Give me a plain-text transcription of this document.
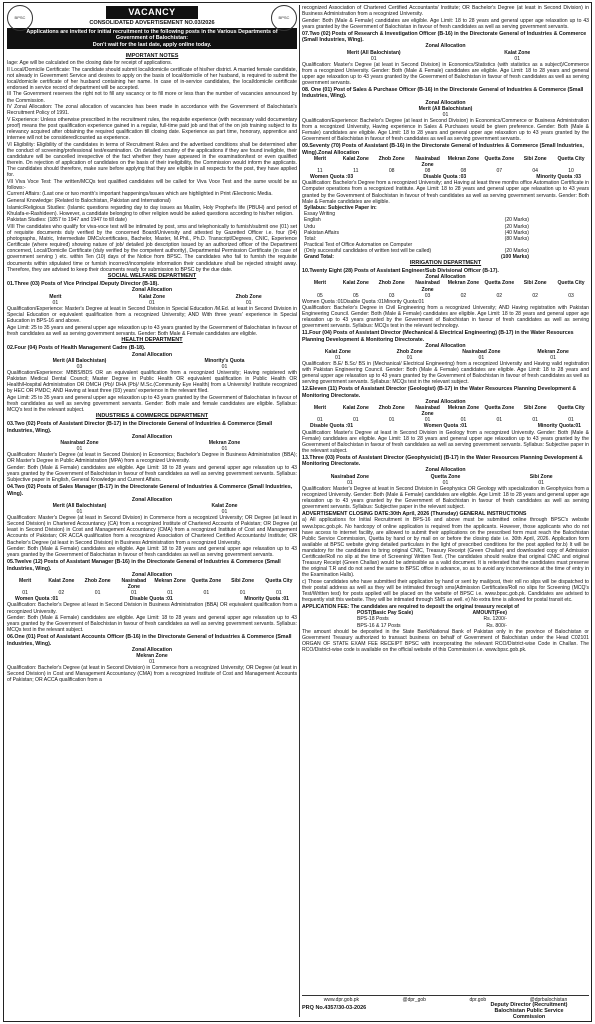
BPSC	BPSC
VACANCY
CONSOLIDATED ADVERTISEMENT NO.03/2026
Applications are invited for initial recruitment to the following posts in the Various Departments of Government of Balochistan:
Don't wait for the last date, apply online today.
IMPORTANT NOTES
Iage: Age will be calculated on the closing date for receipt of applications.
II Local/Domicile Certificate: The candidate should submit local/domicile certificate of his/her district. A married female candidate, not already in Government Service and desires to apply on the basis of local/domicile of her husband, is required to submit the local/domicile certificate of her husband containing her name. In case of in-service candidates, the local/domicile certificate endorsed in service record of department will be accepted.
III The Government reserves the right not to fill any vacancy or to fill more or less than the number of vacancies announced by the Commission.
IV Zonal Allocation: The zonal allocation of vacancies has been made in accordance with the Government of Balochistan's Recruitment Policy of 1991.
V Experience: Unless otherwise prescribed in the recruitment rules, the requisite experience (with necessary valid documentary proof) means the post qualification experience gained in a regular, full-time paid job and that of the on job training subject to its relevancy acquired after obtaining the required qualification till closing date. Experience as part time, honorary, apprentice and internee will not be considered/counted as experience.
VI Eligibility: Eligibility of the candidates in terms of Recruitment Rules and the advertised conditions shall be determined after the conduct of screening/professional test/examination. On detailed scrutiny of the applications if they are found ineligible, their candidature will be cancelled irrespective of the fact whether they have appeared in the examination/test or even qualified therein. On rejection of application of candidates on the basis of their ineligibility, the Commission would inform the applicants. The candidates should therefore, make sure before applying that they are eligible in all respects for the post, they have applied for.
VII Viva Voce Test: The written/MCQs test qualified candidates will be called for Viva Voce Test and the same would be as follows:-
Current Affairs: (Last one or two month's important happenings/issues which are highlighted in Print /Electronic Media.
General Knowledge: (Related to Balochistan, Pakistan and International)
Islamic/Religious Studies: (Islamic questions regarding day to day issues as Muslim, Holy Prophet's life (PBUH) and period of Khulafa-e-Rashideen). However, a candidate belonging to other religion would be asked questions according to his/her religion.
Pakistan Studies: (1857 to 1947 and 1947 to till date)
VIII The candidates who qualify for viva-voce test will be intimated by post, sms and telephonically to furnish/submit one (01) set of requisite documents duly verified by the concerned Board/University and attested by Gazetted Officer i.e. four (04) photographs, Matric, Intermediate DMCs/certificates, Bachelor, Master, M.Phil., Ph.D. Transcript/Degrees, CNIC, Experience Certificate (where required) showing nature of job/ detailed job description issued by an authorized officer of the Department concerned, Local/Domicile Certificate (duly verified by the competent authority), Departmental Permission Certificate (in case of government serving ) etc. within Ten (10) days of the Notice from BPSC. The candidates who fail to furnish the requisite documents within stipulated time or furnish incorrect/incomplete information their candidature shall be rejected straight away. Therefore, they are advised to keep their documents ready for submission to BPSC by the due date.
SOCIAL WELFARE DEPARTMENT
01.Three (03) Posts of Vice Principal /Deputy Director (B-18).
Zonal Allocation
Merit	Kalat Zone	Zhob Zone
01	01	01
Qualification/Experience: Master's Degree at least in Second Division in Special Education /M.Ed. at least in Second Division in Special Education or equivalent qualification from a recognized University; AND With three years' experience in Special Education in BPS-16 and above.
Age Limit: 25 to 35 years and general upper age relaxation up to 43 years granted by the Government of Balochistan in favour of fresh candidates as well as serving government servants. Gender: Both Male & Female candidates are eligible.
HEALTH DEPARTMENT
02.Four (04) Posts of Health Management Cadre (B-18).
Zonal Allocation
Merit (All Balochistan)	Minority's Quota
03	01
Qualification/Experience: MBBS/BDS OR an equivalent qualification from a recognized University; Having registered with Pakistan Medical Dental Council; Master Degree in Public Health OR equivalent qualification in Public Health OR Health/Hospital Administration OR DMCH (Pb)/ DHA (Pb)/ M.Sc.(Community Eye Health) from a University/ Institute recognized by HEC OR PMDC; AND Having at least three (03) years' experience in the relevant filed.
Age Limit: 25 to 35 years and general upper age relaxation up to 43 years granted by the Government of Balochistan in favour of fresh candidates as well as serving government servants. Gender: Both male and female candidates are eligible. Syllabus: MCQ's test in the relevant subject.
INDUSTRIES & COMMERCE DEPARTMENT
03.Two (02) Posts of Assistant Director (B-17) in the Directorate General of Industries & Commerce (Small Industries, Wing).
Zonal Allocation
Nasirabad Zone	Mekran Zone
01	01
Qualification: Master's Degree (at least in Second Division) in Economics; Bachelor's Degree in Business Administration (BBA); OR Master's Degree in Public Administration (MPA) from a recognized University.
Gender: Both (Male & Female) candidates are eligible. Age Limit: 18 to 28 years and general upper age relaxation up to 43 years granted by the Government of Balochistan in favour of fresh candidates as well as serving government servants. Syllabus: Subjective paper in English, General Knowledge and Current Affairs.
04.Two (02) Posts of Sales Manager (B-17) in the Directorate General of Industries & Commerce (Small Industries, Wing).
Zonal Allocation
Merit (All Balochistan)	Kalat Zone
01	01
Qualification: Master's Degree (at least in Second Division) in Commerce from a recognized University; OR Degree (at least in Second Division) in Chartered Accountancy (CA) from a recognized Institute of Chartered Accounts of Pakistan; OR Degree (at least in Second Division) in Cost and Management Accountancy (CMA) from a recognized Institute of Cost and Management Accounts of Pakistan; OR ACCA qualification from a recognized Association of Chartered Certified Accountants/ Institute; OR Bachelor's Degree (at least in Second Division) in Business Administration from a recognized University.
Gender: Both (Male & Female) candidates are eligible. Age Limit: 18 to 28 years and general upper age relaxation up to 43 years granted by the Government of Balochistan in favour of fresh candidates as well as serving government servants.
05.Twelve (12) Posts of Assistant Manager (B-16) in the Directorate General of Industries & Commerce (Small Industries, Wing).
Zonal Allocation
Merit	Kalat Zone	Zhob Zone	Nasirabad Zone
Mekran Zone	Quetta Zone	Sibi Zone	Quetta City
01	02	01	01	01	01	01	01
Women Quota :01	Disable Quota :01	Minority Quota :01
Qualification: Bachelor's Degree at least in Second Division in Business Administration (BBA) OR equivalent qualification from a recognized University.
Gender: Both (Male & Female) candidates are eligible. Age Limit: 18 to 28 years and general upper age relaxation up to 43 years granted by the Government of Balochistan in favour of fresh candidates as well as serving government servants. Syllabus: MCQs test in the relevant subject.
06.One (01) Post of Assistant Accounts Officer (B-16) in the Directorate General of Industries & Commerce (Small Industries, Wing).
Zonal Allocation
Mekran Zone
01
Qualification: Bachelor's Degree (at least in Second Division) in Commerce from a recognized University; OR Degree (at least in Second Division) in Cost and Management Accountancy (CMA) from a recognized Institute of Cost and Management Accounts of Pakistan; OR ACCA qualification from a
recognized Association of Chartered Certified Accountants/ Institute; OR Bachelor's Degree (at least in Second Division) in Business Administration from a recognized University.
Gender: Both (Male & Female) candidates are eligible. Age Limit: 18 to 28 years and general upper age relaxation up to 43 years granted by the Government of Balochistan in favour of fresh candidates as well as serving government servants.
07.Two (02) Posts of Research & Investigation Officer (B-16) in the Directorate General of Industries & Commerce (Small Industries, Wing).
Zonal Allocation
Merit (All Balochistan)	Kalat Zone
01	01
Qualification: Master's Degree (at least in Second Division) in Economics/Statistics (with statistics as a subject)/Commerce from a recognized University. Gender: Both (Male & Female) candidates are eligible. Age Limit: 18 to 28 years and general upper age relaxation up to 43 years granted by the Government of Balochistan in favour of fresh candidates as well as serving government servants.
08. One (01) Post of Sales & Purchase Officer (B-16) in the Directorate General of Industries & Commerce (Small Industries, Wing).
Zonal Allocation
Merit (All Balochistan)
01
Qualification/Experience: Bachelor's Degree (at least in Second Division) in Economics/Commerce or Business Administration from a recognized University, Having experience in Sales & Purchases would be given preference. Gender: Both (Male & Female) candidates are eligible. Age Limit: 18 to 28 years and general upper age relaxation up to 43 years granted by the Government of Balochistan in favour of fresh candidates as well as serving government servants.
09.Seventy (70) Posts of Assistant (B-16) in the Directorate General of Industries & Commerce (Small Industries, Wing).Zonal Allocation
Merit	Kalat Zone	Zhob Zone	Nasirabad Zone
Mekran Zone	Quetta Zone	Sibi Zone	Quetta City
11	11	08	08	08	07	04	10
Women Quota :03	Disable Quota :03	Minority Quota :03
Qualification: Bachelor's Degree from a recognized University; and Having at least three months office Automation Certificate in Computer operations from a recognized Institute. Age Limit: 18 to 28 years and general upper age relaxation up to 43 years granted by the Government of Balochistan in favour of fresh candidates as well as serving government servants. Gender: Both Male & Female candidates are eligible.
Syllabus: Subjective Paper in:
Essay Writing
English	(20 Marks)
Urdu	(20 Marks)
Pakistan Affairs	(40 Marks)
Total:	(80 Marks)
Practical Test of Office Automation on Computer
(Only successful candidates of written test will be called)	(20 Marks)
Grand Total:	(100 Marks)
IRRIGATION DEPARTMENT
10.Twenty Eight (28) Posts of Assistant Engineer/Sub Divisional Officer (B-17).
Zonal Allocation
Merit	Kalat Zone	Zhob Zone	Nasirabad Zone
Mekran Zone	Quetta Zone	Sibi Zone	Quetta City
05	05	03	03	02	02	02	03
Women Quota :01Disable Quota :01Minority Quota:01
Qualification: Bachelor's Degree in Civil Engineering from a recognized University; AND Having registration with Pakistan Engineering Council. Gender: Both (Male & Female) candidates are eligible. Age Limit: 18 to 28 years and general upper age relaxation up to 43 years granted by the Government of Balochistan in favour of fresh candidates as well as serving government servants. Syllabus: MCQs test in the relevant technology.
11.Four (04) Posts of Assistant Director (Mechanical & Electrical Engineering) (B-17) in the Water Resources Planning Development & Monitoring Directorate.
Zonal Allocation
Kalat Zone	Zhob Zone	Nasirabad Zone	Mekran Zone
01	01	01	01
Qualification: B.E/ B.Sc/ BS in (Mechanical/ Electrical Engineering) from a recognized University and Having valid registration with Pakistan Engineering Council. Gender: Both (Male & Female) candidates are eligible. Age Limit: 18 to 28 years and general upper age relaxation up to 43 years granted by the Government of Balochistan in favour of fresh candidates as well as serving government servants. Syllabus: MCQs test in the relevant subject.
12.Eleven (11) Posts of Assistant Director (Geologist) (B-17) in the Water Resources Planning Development & Monitoring Directorate.
Zonal Allocation
Merit	Kalat Zone	Zhob Zone	Nasirabad Zone
Mekran Zone	Quetta Zone	Sibi Zone	Quetta City
01	01	01	01	01	01	01	01
Disable Quota :01	Women Quota :01	Minority Quota:01
Qualification: Master's Degree at least in Second Division in Geology from a recognized University. Gender: Both (Male & Female) candidates are eligible. Age Limit: 18 to 28 years and general upper age relaxation up to 43 years granted by the Government of Balochistan in favour of fresh candidates as well as serving government servants. Syllabus: Subjective paper in the relevant subject.
13.Three (03) Posts of Assistant Director (Geophysicist) (B-17) in the Water Resources Planning Development & Monitoring Directorate.
Zonal Allocation
Nasirabad Zone	Quetta Zone	Sibi Zone
01	01	01
Qualification: Master's Degree at least in Second Division in Geophysics OR Geology with specialization in Geophysics from a recognized University. Gender: Both (Male & Female) candidates are eligible. Age Limit: 18 to 28 years and general upper age relaxation up to 43 years granted by the Government of Balochistan in favour of fresh candidates as well as serving government servants. Syllabus: Subjective paper in the relevant subject.
ADVERTISEMENT CLOSING DATE:30th April, 2026 (Thursday) GENERAL INSTRUCTIONS
a) All applications for Initial Recruitment in BPS-16 and above must be submitted online through BPSC's website www.bpsc.gob.pk. No hardcopy of online application is required from the applicants. However, those applicants who do not have access to internet facility, are allowed to submit their applications on the prescribed form must reach the Balochistan Public Service Commission, Quetta by hand or by mail on or before the closing date i.e. 30th April, 2026. Application form available at BPSC website giving detailed particulars in the light of prescribed conditions for the post applied for.b) It will be mandatory for the candidates to bring original CNIC, Treasury Receipt (Green Challan) and downloaded copy of Admission Certificate/Roll no slip at the time of Screening/ Written Test. (The candidates should realize that original CNIC and original Treasury Receipt (Green Challan) would be admissible as a valid document. It is reiterated that the candidates must preserve the original T.R and do not send the same to BPSC office in advance, so as to avoid any inconvenience at the time of entry in the Examination Halls).
c) Those candidates who have submitted their application by hand or sent by mail/post, their roll no slips will be dispatched to their postal address as well as they will be intimated through sms(Admission Certificates/Roll no slips for Screening (MCQ's Test/Written test) for posts applied will be placed on the website of BPSC i.e. www.bpsc.gob.pk. Candidates are advised to frequently visit this website. They will be intimated through SMS as well. e) No extra time is allowed for postal transit etc.
APPLICATION FEE: The candidates are required to deposit the original treasury receipt of
POST(Basic Pay Scale)	AMOUNT(Fee)
BPS-18 Posts	Rs. 1200/-
BPS-16 & 17 Posts	Rs. 800/-
The amount should be deposited in the State Bank/National Bank of Pakistan only in the province of Balochistan or Government Treasury authorized to transact business on behalf of Government of Balochistan under the Head C02101 ORGAN OF STATE EXAM FEE RECEIPT BPSC with incorporating the relevant RCO/District-wise Code in Challan. The RCO/District-wise code is available on the official website of this Commission i.e. www.bpsc.gob.pk.
www.dpr.gob.pk	@dpr_gob	dpr.gob	@dprbalochistan
PRQ No.4357/30-03-2026	Deputy Director (Recruitment)
Balochistan Public Service
Commission
